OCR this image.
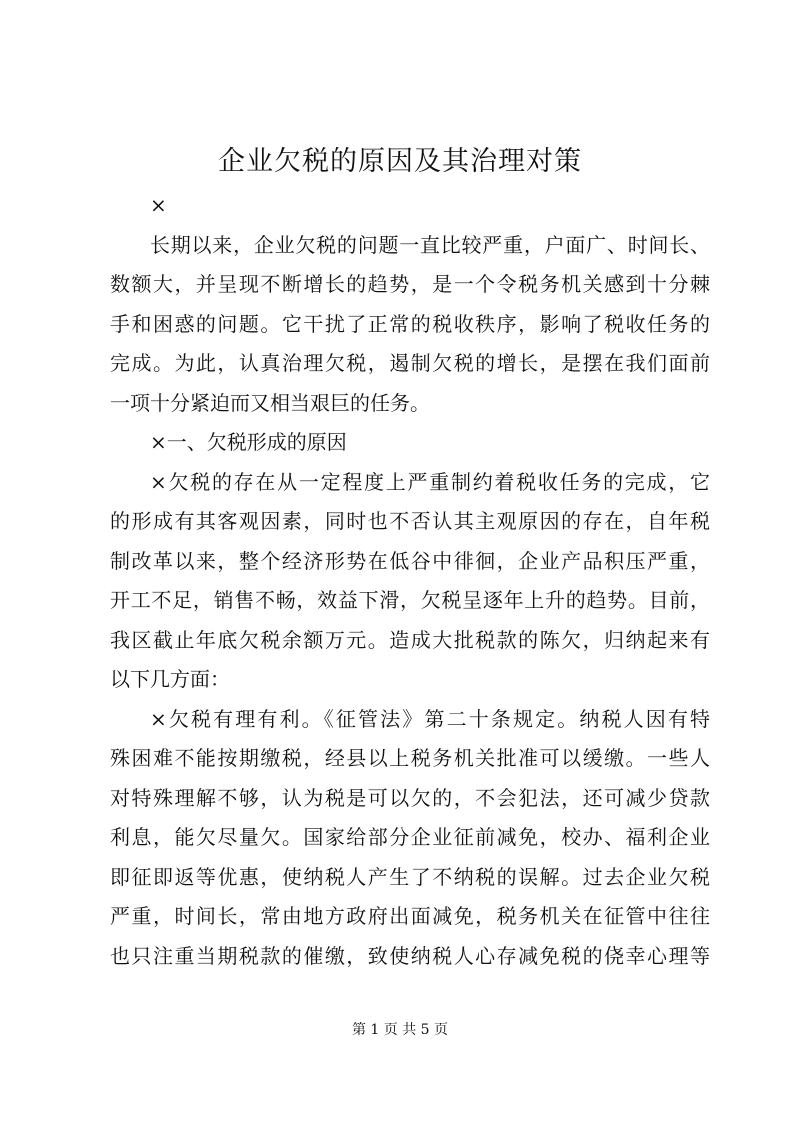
企业欠税的原因及其治理对策
×
长期以来，企业欠税的问题一直比较严重，户面广、时间长、
数额大，并呈现不断增长的趋势，是一个令税务机关感到十分棘
手和困惑的问题。它干扰了正常的税收秩序，影响了税收任务的
完成。为此，认真治理欠税，遏制欠税的增长，是摆在我们面前
一项十分紧迫而又相当艰巨的任务。
×一、欠税形成的原因
×欠税的存在从一定程度上严重制约着税收任务的完成，它
的形成有其客观因素，同时也不否认其主观原因的存在，自年税
制改革以来，整个经济形势在低谷中徘徊，企业产品积压严重，
开工不足，销售不畅，效益下滑，欠税呈逐年上升的趋势。目前，
我区截止年底欠税余额万元。造成大批税款的陈欠，归纳起来有
以下几方面：
×欠税有理有利。《征管法》第二十条规定。纳税人因有特
殊困难不能按期缴税，经县以上税务机关批准可以缓缴。一些人
对特殊理解不够，认为税是可以欠的，不会犯法，还可减少贷款
利息，能欠尽量欠。国家给部分企业征前减免，校办、福利企业
即征即返等优惠，使纳税人产生了不纳税的误解。过去企业欠税
严重，时间长，常由地方政府出面减免，税务机关在征管中往往
也只注重当期税款的催缴，致使纳税人心存减免税的侥幸心理等
第 1 页 共 5 页
